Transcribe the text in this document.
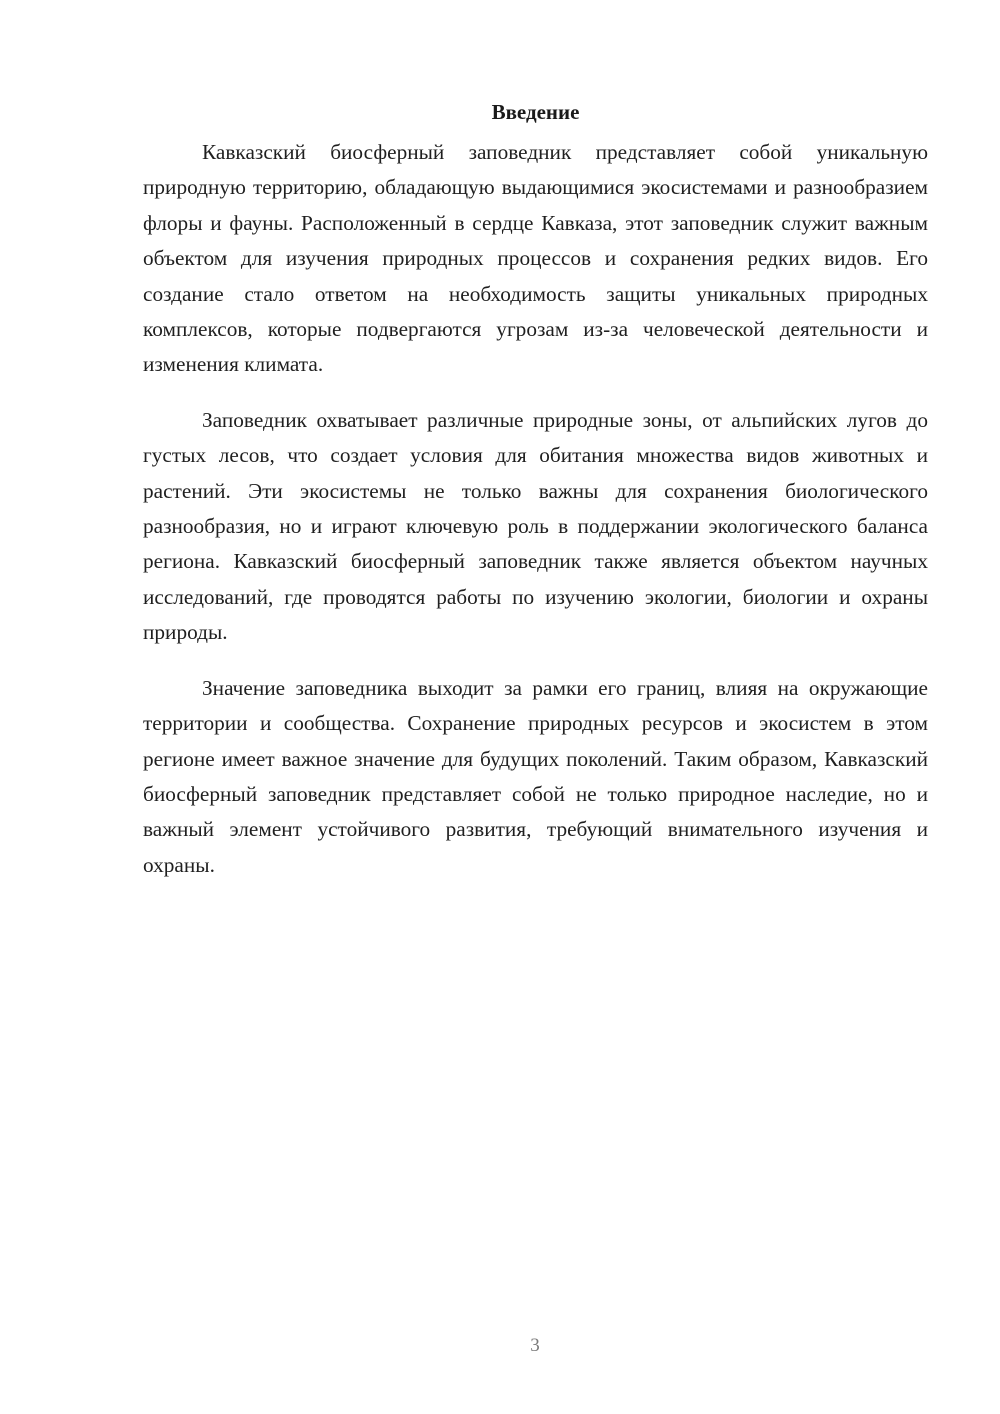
Введение

Кавказский биосферный заповедник представляет собой уникальную природную территорию, обладающую выдающимися экосистемами и разнообразием флоры и фауны. Расположенный в сердце Кавказа, этот заповедник служит важным объектом для изучения природных процессов и сохранения редких видов. Его создание стало ответом на необходимость защиты уникальных природных комплексов, которые подвергаются угрозам из-за человеческой деятельности и изменения климата.

Заповедник охватывает различные природные зоны, от альпийских лугов до густых лесов, что создает условия для обитания множества видов животных и растений. Эти экосистемы не только важны для сохранения биологического разнообразия, но и играют ключевую роль в поддержании экологического баланса региона. Кавказский биосферный заповедник также является объектом научных исследований, где проводятся работы по изучению экологии, биологии и охраны природы.

Значение заповедника выходит за рамки его границ, влияя на окружающие территории и сообщества. Сохранение природных ресурсов и экосистем в этом регионе имеет важное значение для будущих поколений. Таким образом, Кавказский биосферный заповедник представляет собой не только природное наследие, но и важный элемент устойчивого развития, требующий внимательного изучения и охраны.

3
